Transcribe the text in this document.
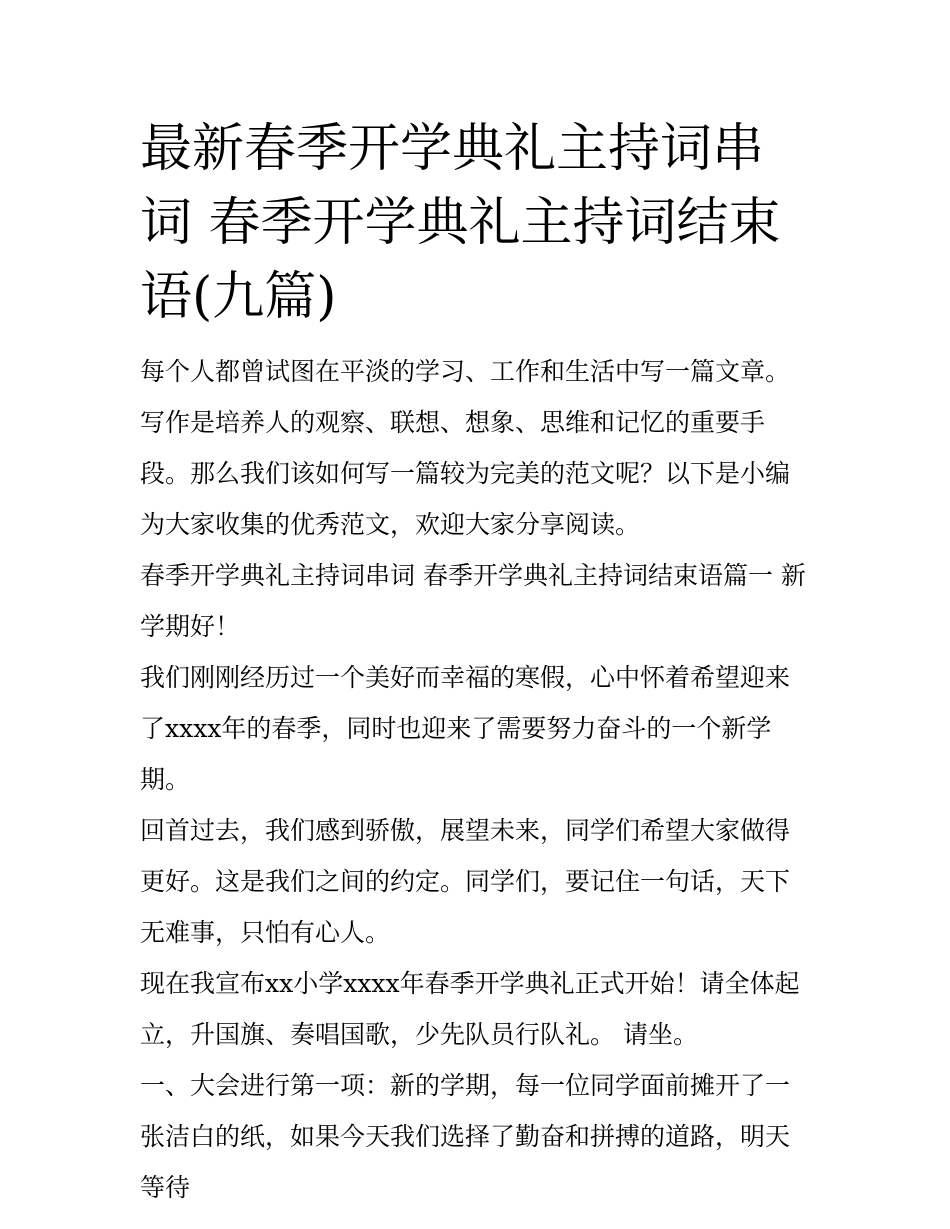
最新春季开学典礼主持词串词 春季开学典礼主持词结束语(九篇)

每个人都曾试图在平淡的学习、工作和生活中写一篇文章。写作是培养人的观察、联想、想象、思维和记忆的重要手段。那么我们该如何写一篇较为完美的范文呢？以下是小编为大家收集的优秀范文，欢迎大家分享阅读。

春季开学典礼主持词串词 春季开学典礼主持词结束语篇一 新学期好！

我们刚刚经历过一个美好而幸福的寒假，心中怀着希望迎来了xxxx年的春季，同时也迎来了需要努力奋斗的一个新学期。

回首过去，我们感到骄傲，展望未来，同学们希望大家做得更好。这是我们之间的约定。同学们，要记住一句话，天下无难事，只怕有心人。

现在我宣布xx小学xxxx年春季开学典礼正式开始！请全体起立，升国旗、奏唱国歌，少先队员行队礼。 请坐。

一、大会进行第一项：新的学期，每一位同学面前摊开了一张洁白的纸，如果今天我们选择了勤奋和拼搏的道路，明天等待
